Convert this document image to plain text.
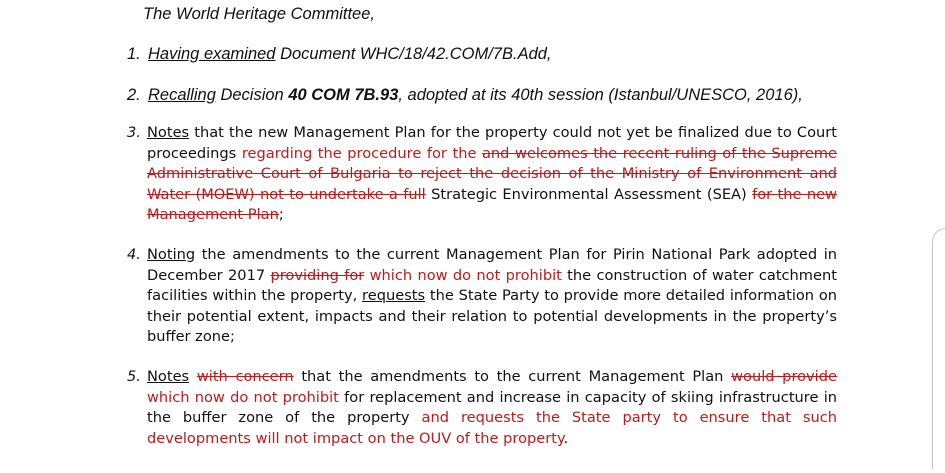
The World Heritage Committee,
1. Having examined Document WHC/18/42.COM/7B.Add,
2. Recalling Decision 40 COM 7B.93, adopted at its 40th session (Istanbul/UNESCO, 2016),
3. Notes that the new Management Plan for the property could not yet be finalized due to Court proceedings regarding the procedure for the and welcomes the recent ruling of the Supreme Administrative Court of Bulgaria to reject the decision of the Ministry of Environment and Water (MOEW) not to undertake a full Strategic Environmental Assessment (SEA) for the new Management Plan;
4. Noting the amendments to the current Management Plan for Pirin National Park adopted in December 2017 providing for which now do not prohibit the construction of water catchment facilities within the property, requests the State Party to provide more detailed information on their potential extent, impacts and their relation to potential developments in the property’s buffer zone;
5. Notes with concern that the amendments to the current Management Plan would provide which now do not prohibit for replacement and increase in capacity of skiing infrastructure in the buffer zone of the property and requests the State party to ensure that such developments will not impact on the OUV of the property.
